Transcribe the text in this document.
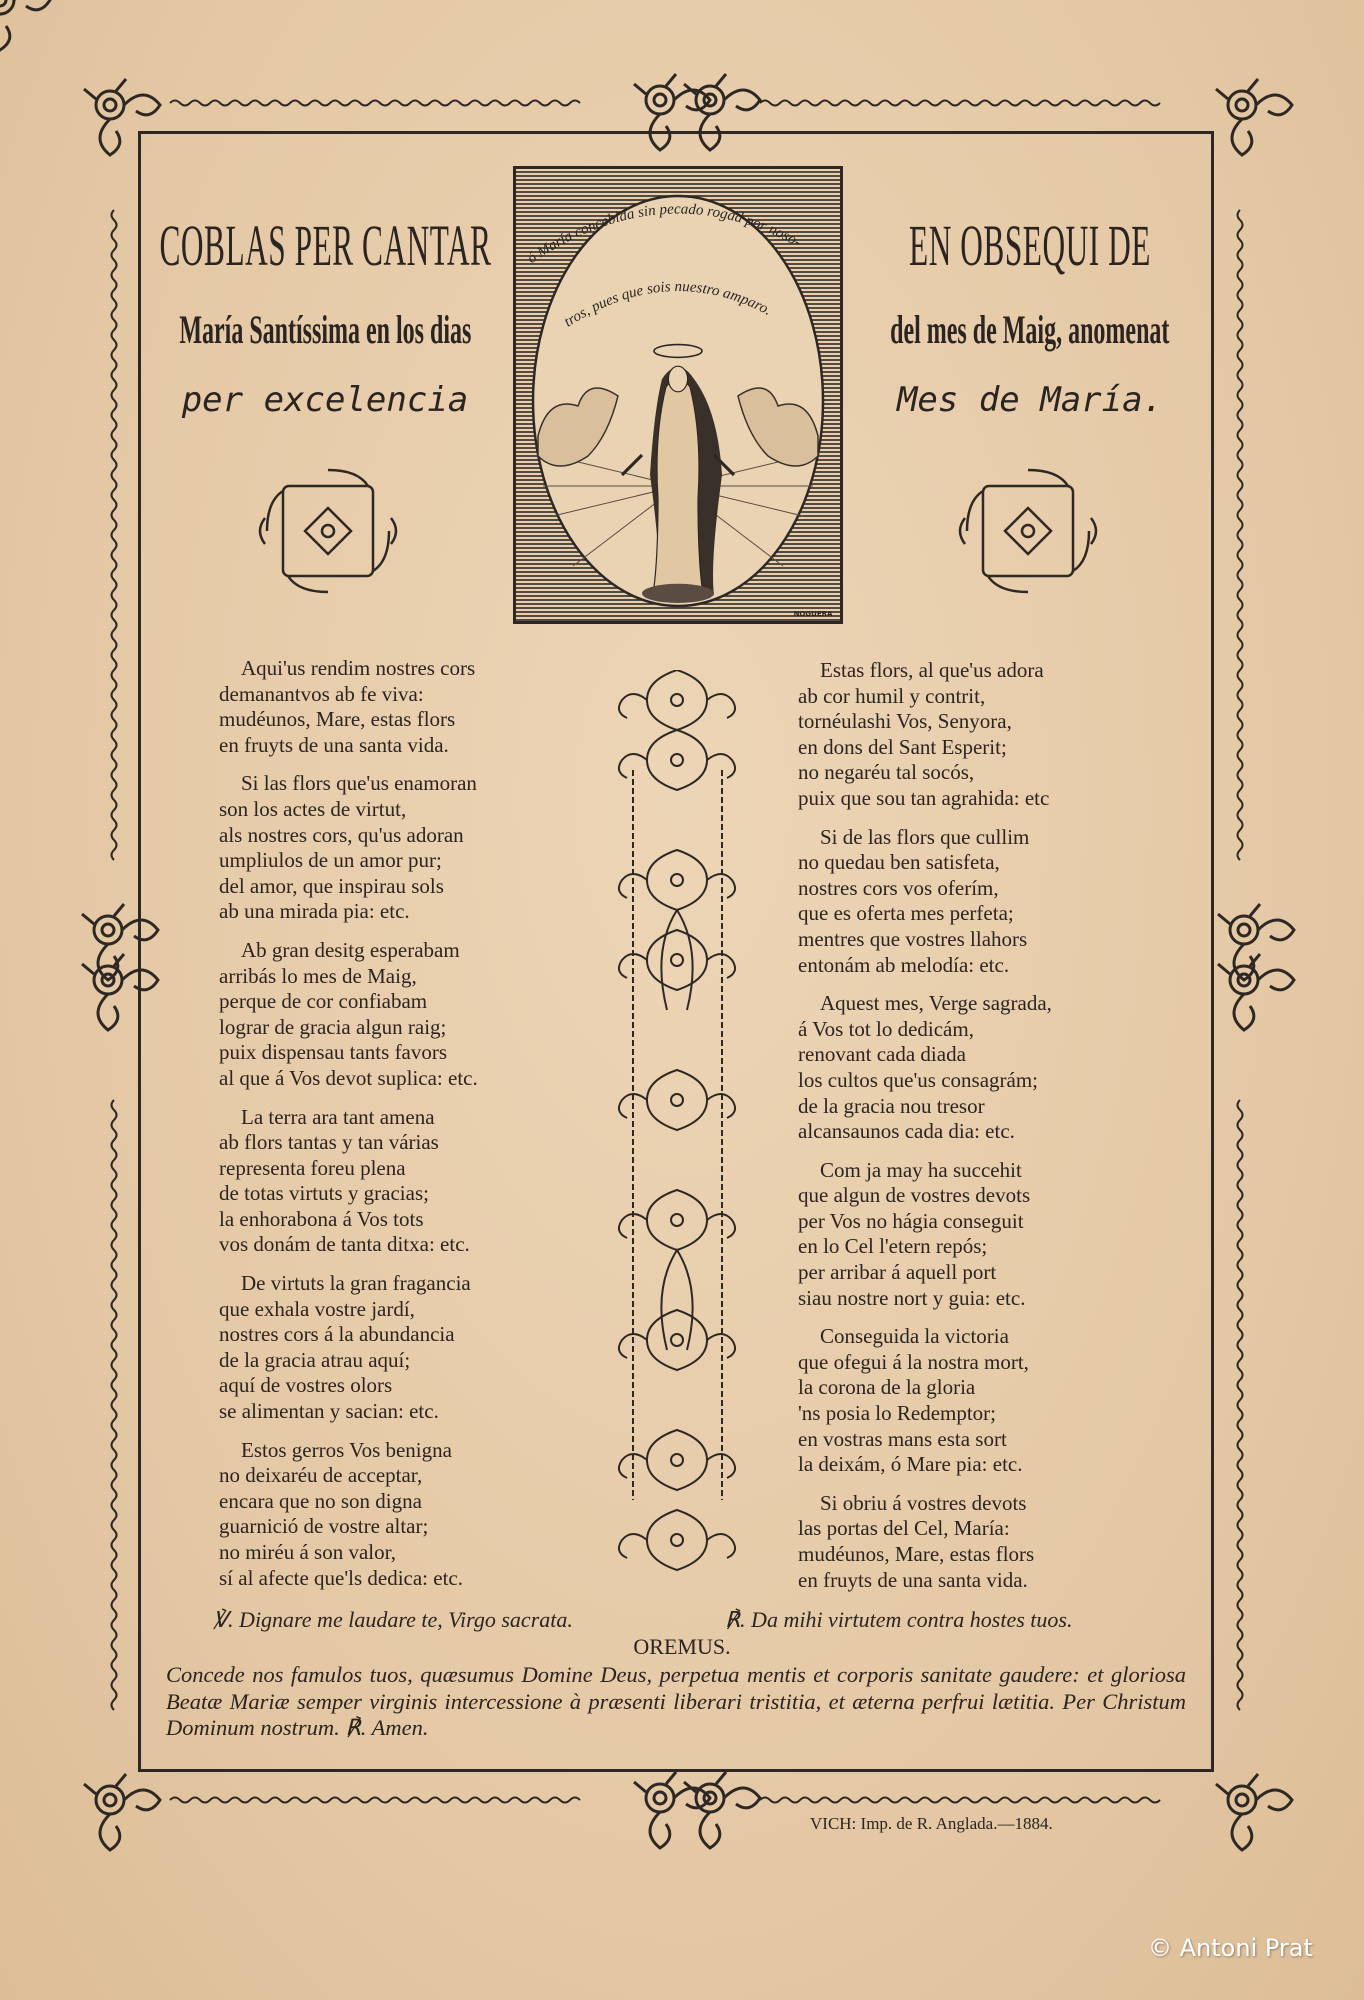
COBLAS PER CANTAR
María Santíssima en los dias
per excelencia
EN OBSEQUI DE
del mes de Maig, anomenat
Mes de María.
ó María concebida sin pecado rogad por noso-
tros, pues que sois nuestro amparo.
NOGUERA
Aqui'us rendim nostres cors
demanantvos ab fe viva:
mudéunos, Mare, estas flors
en fruyts de una santa vida.
Si las flors que'us enamoran
son los actes de virtut,
als nostres cors, qu'us adoran
umpliulos de un amor pur;
del amor, que inspirau sols
ab una mirada pia: etc.
Ab gran desitg esperabam
arribás lo mes de Maig,
perque de cor confiabam
lograr de gracia algun raig;
puix dispensau tants favors
al que á Vos devot suplica: etc.
La terra ara tant amena
ab flors tantas y tan várias
representa foreu plena
de totas virtuts y gracias;
la enhorabona á Vos tots
vos donám de tanta ditxa: etc.
De virtuts la gran fragancia
que exhala vostre jardí,
nostres cors á la abundancia
de la gracia atrau aquí;
aquí de vostres olors
se alimentan y sacian: etc.
Estos gerros Vos benigna
no deixaréu de acceptar,
encara que no son digna
guarnició de vostre altar;
no miréu á son valor,
sí al afecte que'ls dedica: etc.
Estas flors, al que'us adora
ab cor humil y contrit,
tornéulashi Vos, Senyora,
en dons del Sant Esperit;
no negaréu tal socós,
puix que sou tan agrahida: etc
Si de las flors que cullim
no quedau ben satisfeta,
nostres cors vos oferím,
que es oferta mes perfeta;
mentres que vostres llahors
entonám ab melodía: etc.
Aquest mes, Verge sagrada,
á Vos tot lo dedicám,
renovant cada diada
los cultos que'us consagrám;
de la gracia nou tresor
alcansaunos cada dia: etc.
Com ja may ha succehit
que algun de vostres devots
per Vos no hágia conseguit
en lo Cel l'etern repós;
per arribar á aquell port
siau nostre nort y guia: etc.
Conseguida la victoria
que ofegui á la nostra mort,
la corona de la gloria
'ns posia lo Redemptor;
en vostras mans esta sort
la deixám, ó Mare pia: etc.
Si obriu á vostres devots
las portas del Cel, María:
mudéunos, Mare, estas flors
en fruyts de una santa vida.
℣. Dignare me laudare te, Virgo sacrata.	℟. Da mihi virtutem contra hostes tuos.
OREMUS.
Concede nos famulos tuos, quæsumus Domine Deus, perpetua mentis et corporis sanitate gaudere: et gloriosa Beatæ Mariæ semper virginis intercessione à præsenti liberari tristitia, et æterna perfrui lætitia. Per Christum Dominum nostrum. ℟. Amen.
VICH: Imp. de R. Anglada.—1884.
© Antoni Prat
